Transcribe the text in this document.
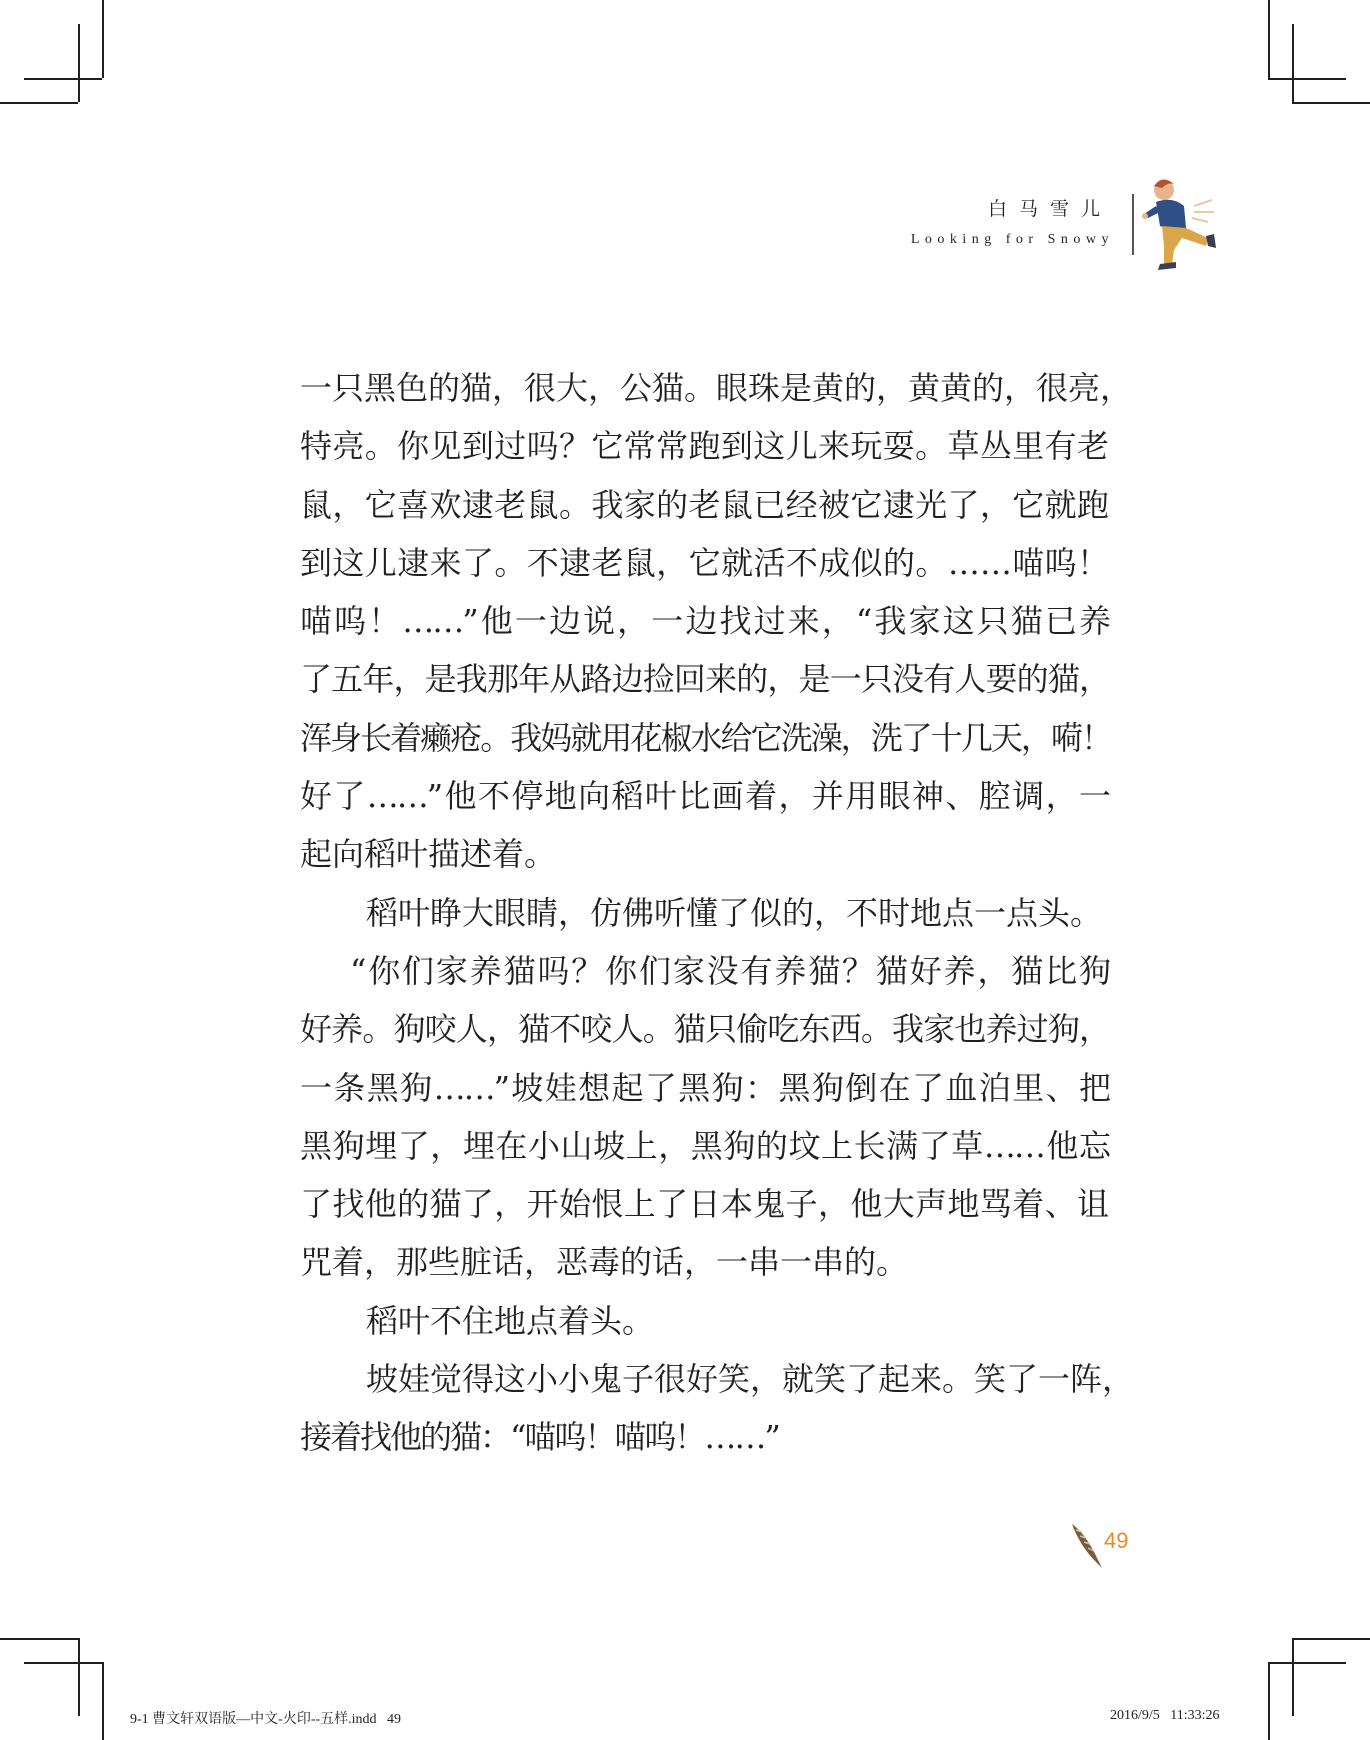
白马雪儿
Looking for Snowy
一只黑色的猫，很大，公猫。眼珠是黄的，黄黄的，很亮，
特亮。你见到过吗？它常常跑到这儿来玩耍。草丛里有老
鼠，它喜欢逮老鼠。我家的老鼠已经被它逮光了，它就跑
到这儿逮来了。不逮老鼠，它就活不成似的。……喵呜！
喵呜！……”他一边说，一边找过来，“我家这只猫已养
了五年，是我那年从路边捡回来的，是一只没有人要的猫，
浑身长着癞疮。我妈就用花椒水给它洗澡，洗了十几天，嗬！
好了……”他不停地向稻叶比画着，并用眼神、腔调，一
起向稻叶描述着。
稻叶睁大眼睛，仿佛听懂了似的，不时地点一点头。
“你们家养猫吗？你们家没有养猫？猫好养，猫比狗
好养。狗咬人，猫不咬人。猫只偷吃东西。我家也养过狗，
一条黑狗……”坡娃想起了黑狗：黑狗倒在了血泊里、把
黑狗埋了，埋在小山坡上，黑狗的坟上长满了草……他忘
了找他的猫了，开始恨上了日本鬼子，他大声地骂着、诅
咒着，那些脏话，恶毒的话，一串一串的。
稻叶不住地点着头。
坡娃觉得这小小鬼子很好笑，就笑了起来。笑了一阵，
接着找他的猫：“喵呜！喵呜！……”
49
9-1 曹文轩双语版—中文-火印--五样.indd   49	2016/9/5   11:33:26
